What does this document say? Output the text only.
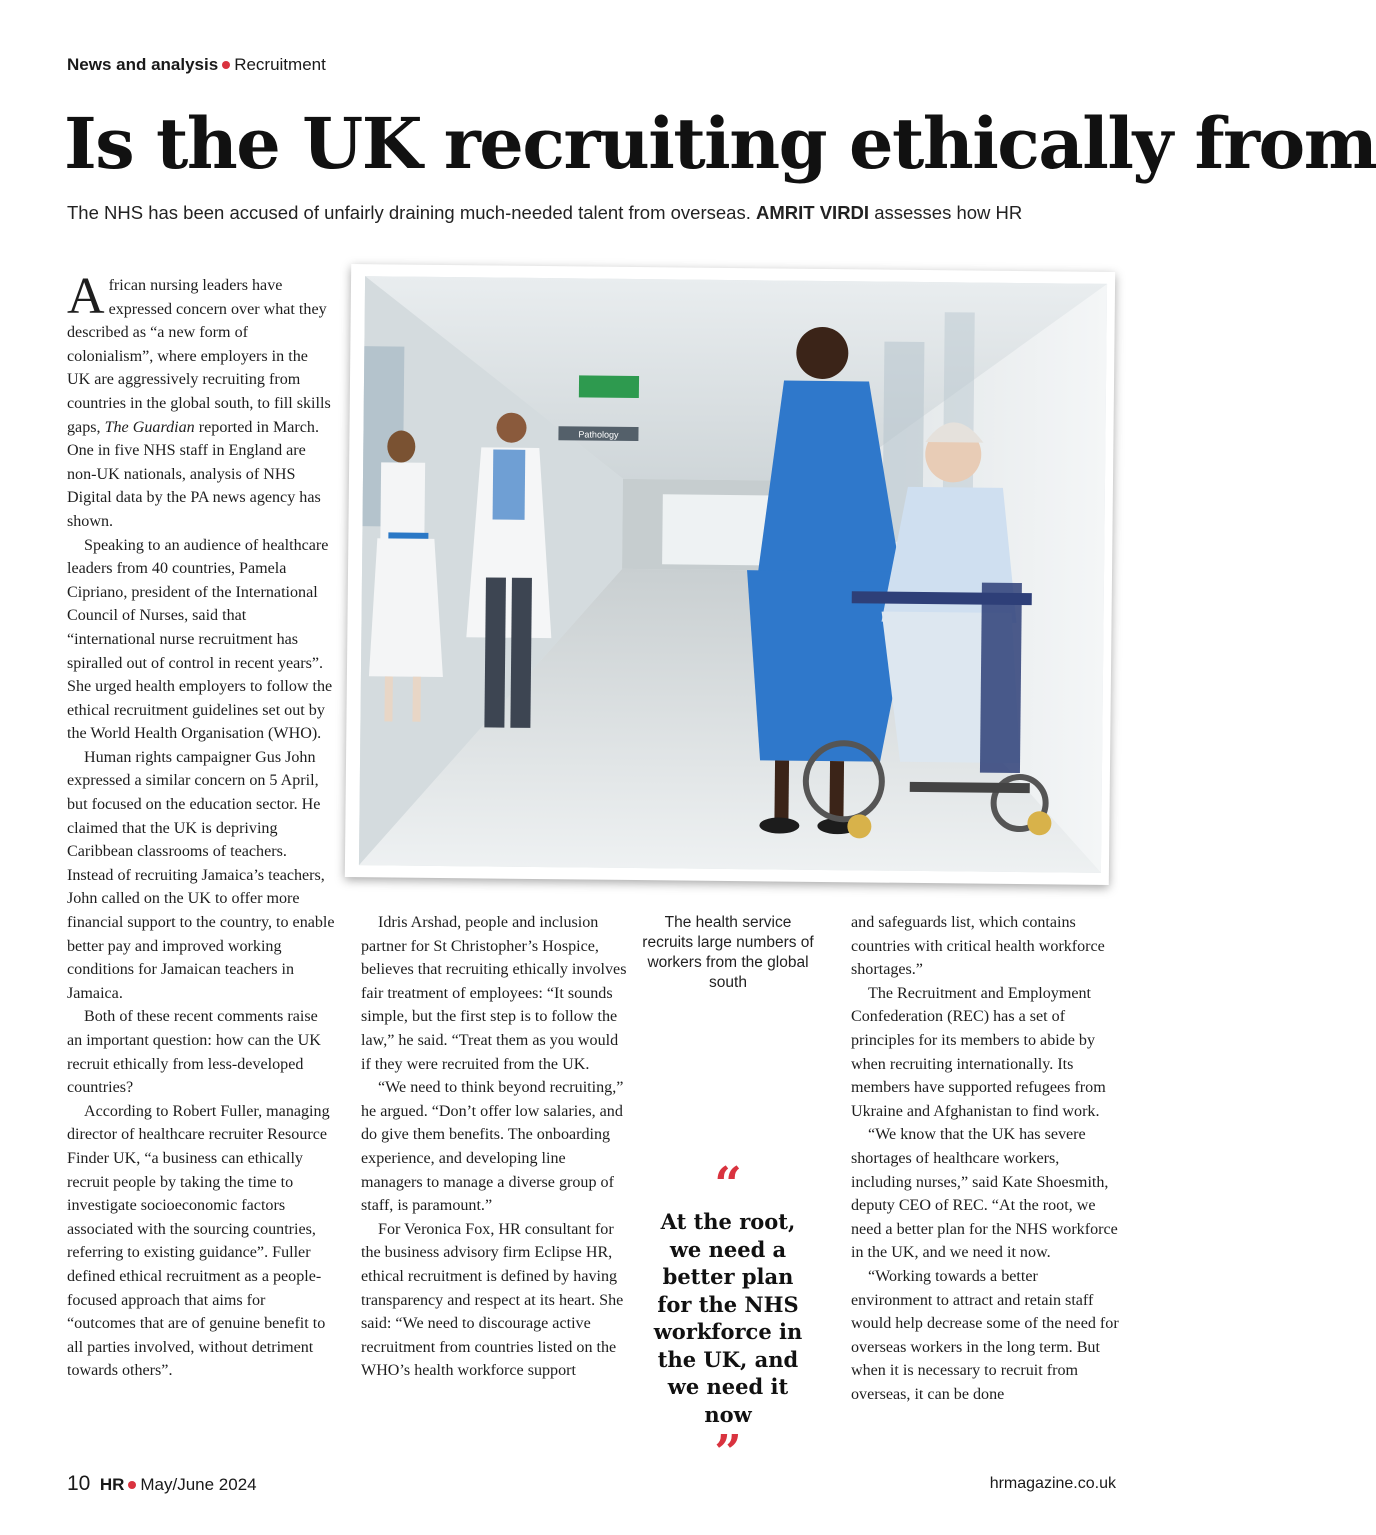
News and analysis Recruitment
Is the UK recruiting ethically from
The NHS has been accused of unfairly draining much-needed talent from overseas. AMRIT VIRDI assesses how HR

African nursing leaders have expressed concern over what they described as “a new form of colonialism”, where employers in the UK are aggressively recruiting from countries in the global south, to fill skills gaps, The Guardian reported in March. One in five NHS staff in England are non-UK nationals, analysis of NHS Digital data by the PA news agency has shown.

Speaking to an audience of healthcare leaders from 40 countries, Pamela Cipriano, president of the International Council of Nurses, said that “international nurse recruitment has spiralled out of control in recent years”. She urged health employers to follow the ethical recruitment guidelines set out by the World Health Organisation (WHO).

Human rights campaigner Gus John expressed a similar concern on 5 April, but focused on the education sector. He claimed that the UK is depriving Caribbean classrooms of teachers. Instead of recruiting Jamaica’s teachers, John called on the UK to offer more financial support to the country, to enable better pay and improved working conditions for Jamaican teachers in Jamaica.

Both of these recent comments raise an important question: how can the UK recruit ethically from less-developed countries?

According to Robert Fuller, managing director of healthcare recruiter Resource Finder UK, “a business can ethically recruit people by taking the time to investigate socioeconomic factors associated with the sourcing countries, referring to existing guidance”. Fuller defined ethical recruitment as a people-focused approach that aims for “outcomes that are of genuine benefit to all parties involved, without detriment towards others”.

Pathology
The health service recruits large numbers of workers from the global south

Idris Arshad, people and inclusion partner for St Christopher’s Hospice, believes that recruiting ethically involves fair treatment of employees: “It sounds simple, but the first step is to follow the law,” he said. “Treat them as you would if they were recruited from the UK.

“We need to think beyond recruiting,” he argued. “Don’t offer low salaries, and do give them benefits. The onboarding experience, and developing line managers to manage a diverse group of staff, is paramount.”

For Veronica Fox, HR consultant for the business advisory firm Eclipse HR, ethical recruitment is defined by having transparency and respect at its heart. She said: “We need to discourage active recruitment from countries listed on the WHO’s health workforce support

“
At the root, we need a better plan for the NHS workforce in the UK, and we need it now
”

and safeguards list, which contains countries with critical health workforce shortages.”

The Recruitment and Employment Confederation (REC) has a set of principles for its members to abide by when recruiting internationally. Its members have supported refugees from Ukraine and Afghanistan to find work.

“We know that the UK has severe shortages of healthcare workers, including nurses,” said Kate Shoesmith, deputy CEO of REC. “At the root, we need a better plan for the NHS workforce in the UK, and we need it now.

“Working towards a better environment to attract and retain staff would help decrease some of the need for overseas workers in the long term. But when it is necessary to recruit from overseas, it can be done

10 HR May/June 2024	hrmagazine.co.uk
